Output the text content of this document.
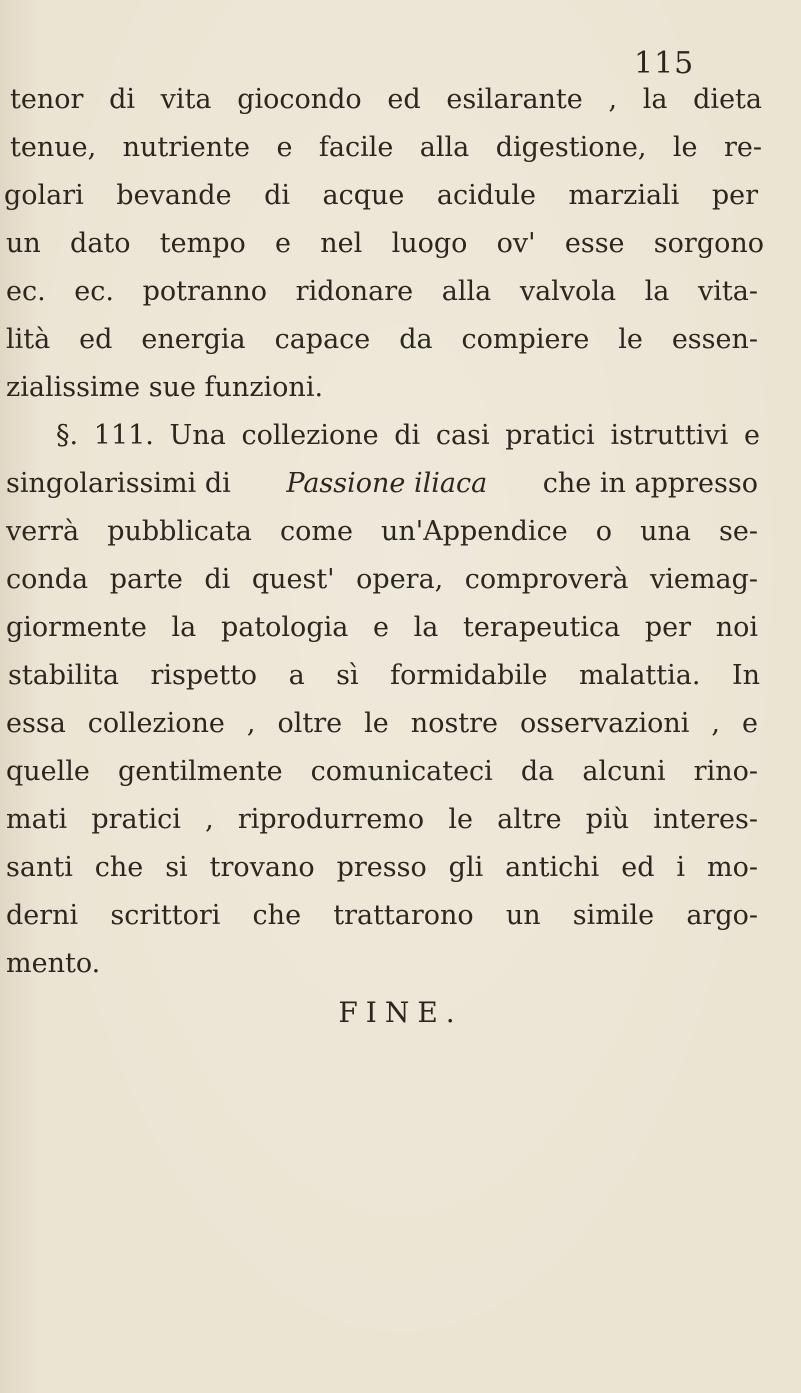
115
tenor di vita giocondo ed esilarante , la dieta
tenue, nutriente e facile alla digestione, le re-
golari bevande di acque acidule marziali per
un dato tempo e nel luogo ov' esse sorgono
ec. ec. potranno ridonare alla valvola la vita-
lità ed energia capace da compiere le essen-
zialissime sue funzioni.
§. 111. Una collezione di casi pratici istruttivi e
singolarissimi di Passione iliaca che in appresso
verrà pubblicata come un'Appendice o una se-
conda parte di quest' opera, comproverà viemag-
giormente la patologia e la terapeutica per noi
stabilita rispetto a sì formidabile malattia. In
essa collezione , oltre le nostre osservazioni , e
quelle gentilmente comunicateci da alcuni rino-
mati pratici , riprodurremo le altre più interes-
santi che si trovano presso gli antichi ed i mo-
derni scrittori che trattarono un simile argo-
mento.
FINE.
